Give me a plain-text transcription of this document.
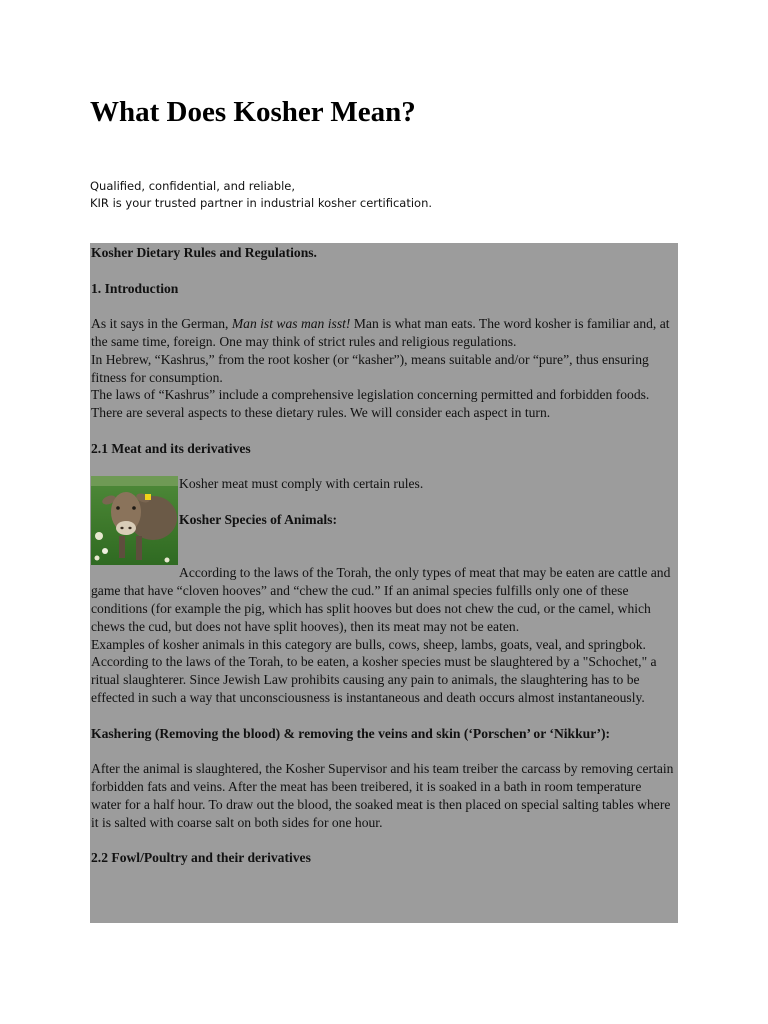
What Does Kosher Mean?
Qualified, confidential, and reliable,
KIR is your trusted partner in industrial kosher certification.

Kosher Dietary Rules and Regulations.

1. Introduction

As it says in the German, Man ist was man isst! Man is what man eats. The word kosher is familiar and, at the same time, foreign. One may think of strict rules and religious regulations.

In Hebrew, “Kashrus,” from the root kosher (or “kasher”), means suitable and/or “pure”, thus ensuring fitness for consumption.

The laws of “Kashrus” include a comprehensive legislation concerning permitted and forbidden foods. There are several aspects to these dietary rules. We will consider each aspect in turn.

2.1 Meat and its derivatives

Kosher meat must comply with certain rules.

Kosher Species of Animals:

According to the laws of the Torah, the only types of meat that may be eaten are cattle and game that have “cloven hooves” and “chew the cud.” If an animal species fulfills only one of these conditions (for example the pig, which has split hooves but does not chew the cud, or the camel, which chews the cud, but does not have split hooves), then its meat may not be eaten.

Examples of kosher animals in this category are bulls, cows, sheep, lambs, goats, veal, and springbok.

According to the laws of the Torah, to be eaten, a kosher species must be slaughtered by a "Schochet," a ritual slaughterer. Since Jewish Law prohibits causing any pain to animals, the slaughtering has to be effected in such a way that unconsciousness is instantaneous and death occurs almost instantaneously.

Kashering (Removing the blood) & removing the veins and skin (‘Porschen’ or ‘Nikkur’):

After the animal is slaughtered, the Kosher Supervisor and his team treiber the carcass by removing certain forbidden fats and veins. After the meat has been treibered, it is soaked in a bath in room temperature water for a half hour. To draw out the blood, the soaked meat is then placed on special salting tables where it is salted with coarse salt on both sides for one hour.

2.2 Fowl/Poultry and their derivatives
